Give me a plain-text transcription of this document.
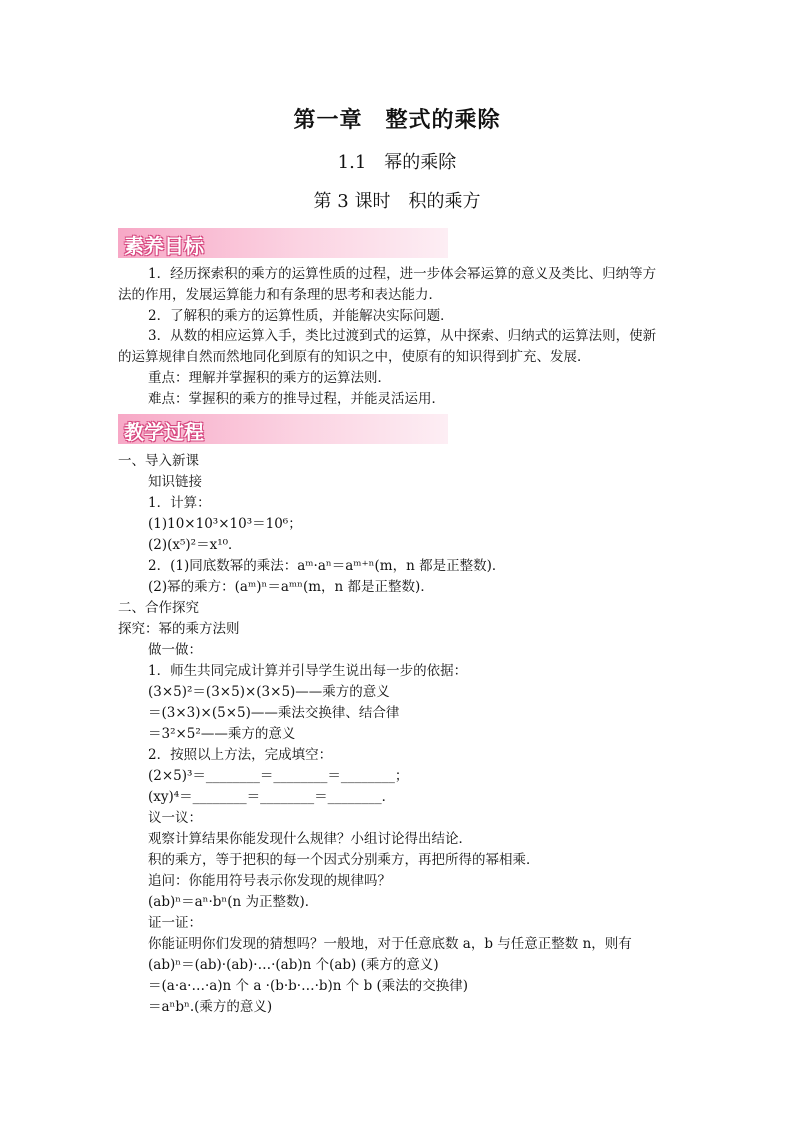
第一章　整式的乘除
1.1　幂的乘除
第 3 课时　积的乘方
素养目标
1．经历探索积的乘方的运算性质的过程，进一步体会幂运算的意义及类比、归纳等方
法的作用，发展运算能力和有条理的思考和表达能力．
2．了解积的乘方的运算性质，并能解决实际问题．
3．从数的相应运算入手，类比过渡到式的运算，从中探索、归纳式的运算法则，使新
的运算规律自然而然地同化到原有的知识之中，使原有的知识得到扩充、发展．
重点：理解并掌握积的乘方的运算法则．
难点：掌握积的乘方的推导过程，并能灵活运用．
教学过程
一、导入新课
知识链接
1．计算：
(1)10×10³×10³＝10⁶；
(2)(x⁵)²＝x¹⁰．
2．(1)同底数幂的乘法：aᵐ·aⁿ＝aᵐ⁺ⁿ(m，n 都是正整数)．
(2)幂的乘方：(aᵐ)ⁿ＝aᵐⁿ(m，n 都是正整数)．
二、合作探究
探究：幂的乘方法则
做一做：
1．师生共同完成计算并引导学生说出每一步的依据：
(3×5)²＝(3×5)×(3×5)——乘方的意义
＝(3×3)×(5×5)——乘法交换律、结合律
＝3²×5²——乘方的意义
2．按照以上方法，完成填空：
(2×5)³＝________＝________＝________；
(xy)⁴＝________＝________＝________．
议一议：
观察计算结果你能发现什么规律？小组讨论得出结论．
积的乘方，等于把积的每一个因式分别乘方，再把所得的幂相乘．
追问：你能用符号表示你发现的规律吗？
(ab)ⁿ＝aⁿ·bⁿ(n 为正整数)．
证一证：
你能证明你们发现的猜想吗？一般地，对于任意底数 a，b 与任意正整数 n，则有
(ab)ⁿ＝(ab)·(ab)·…·(ab)n 个(ab) (乘方的意义)
＝(a·a·…·a)n 个 a ·(b·b·…·b)n 个 b (乘法的交换律)
＝aⁿbⁿ.(乘方的意义)
